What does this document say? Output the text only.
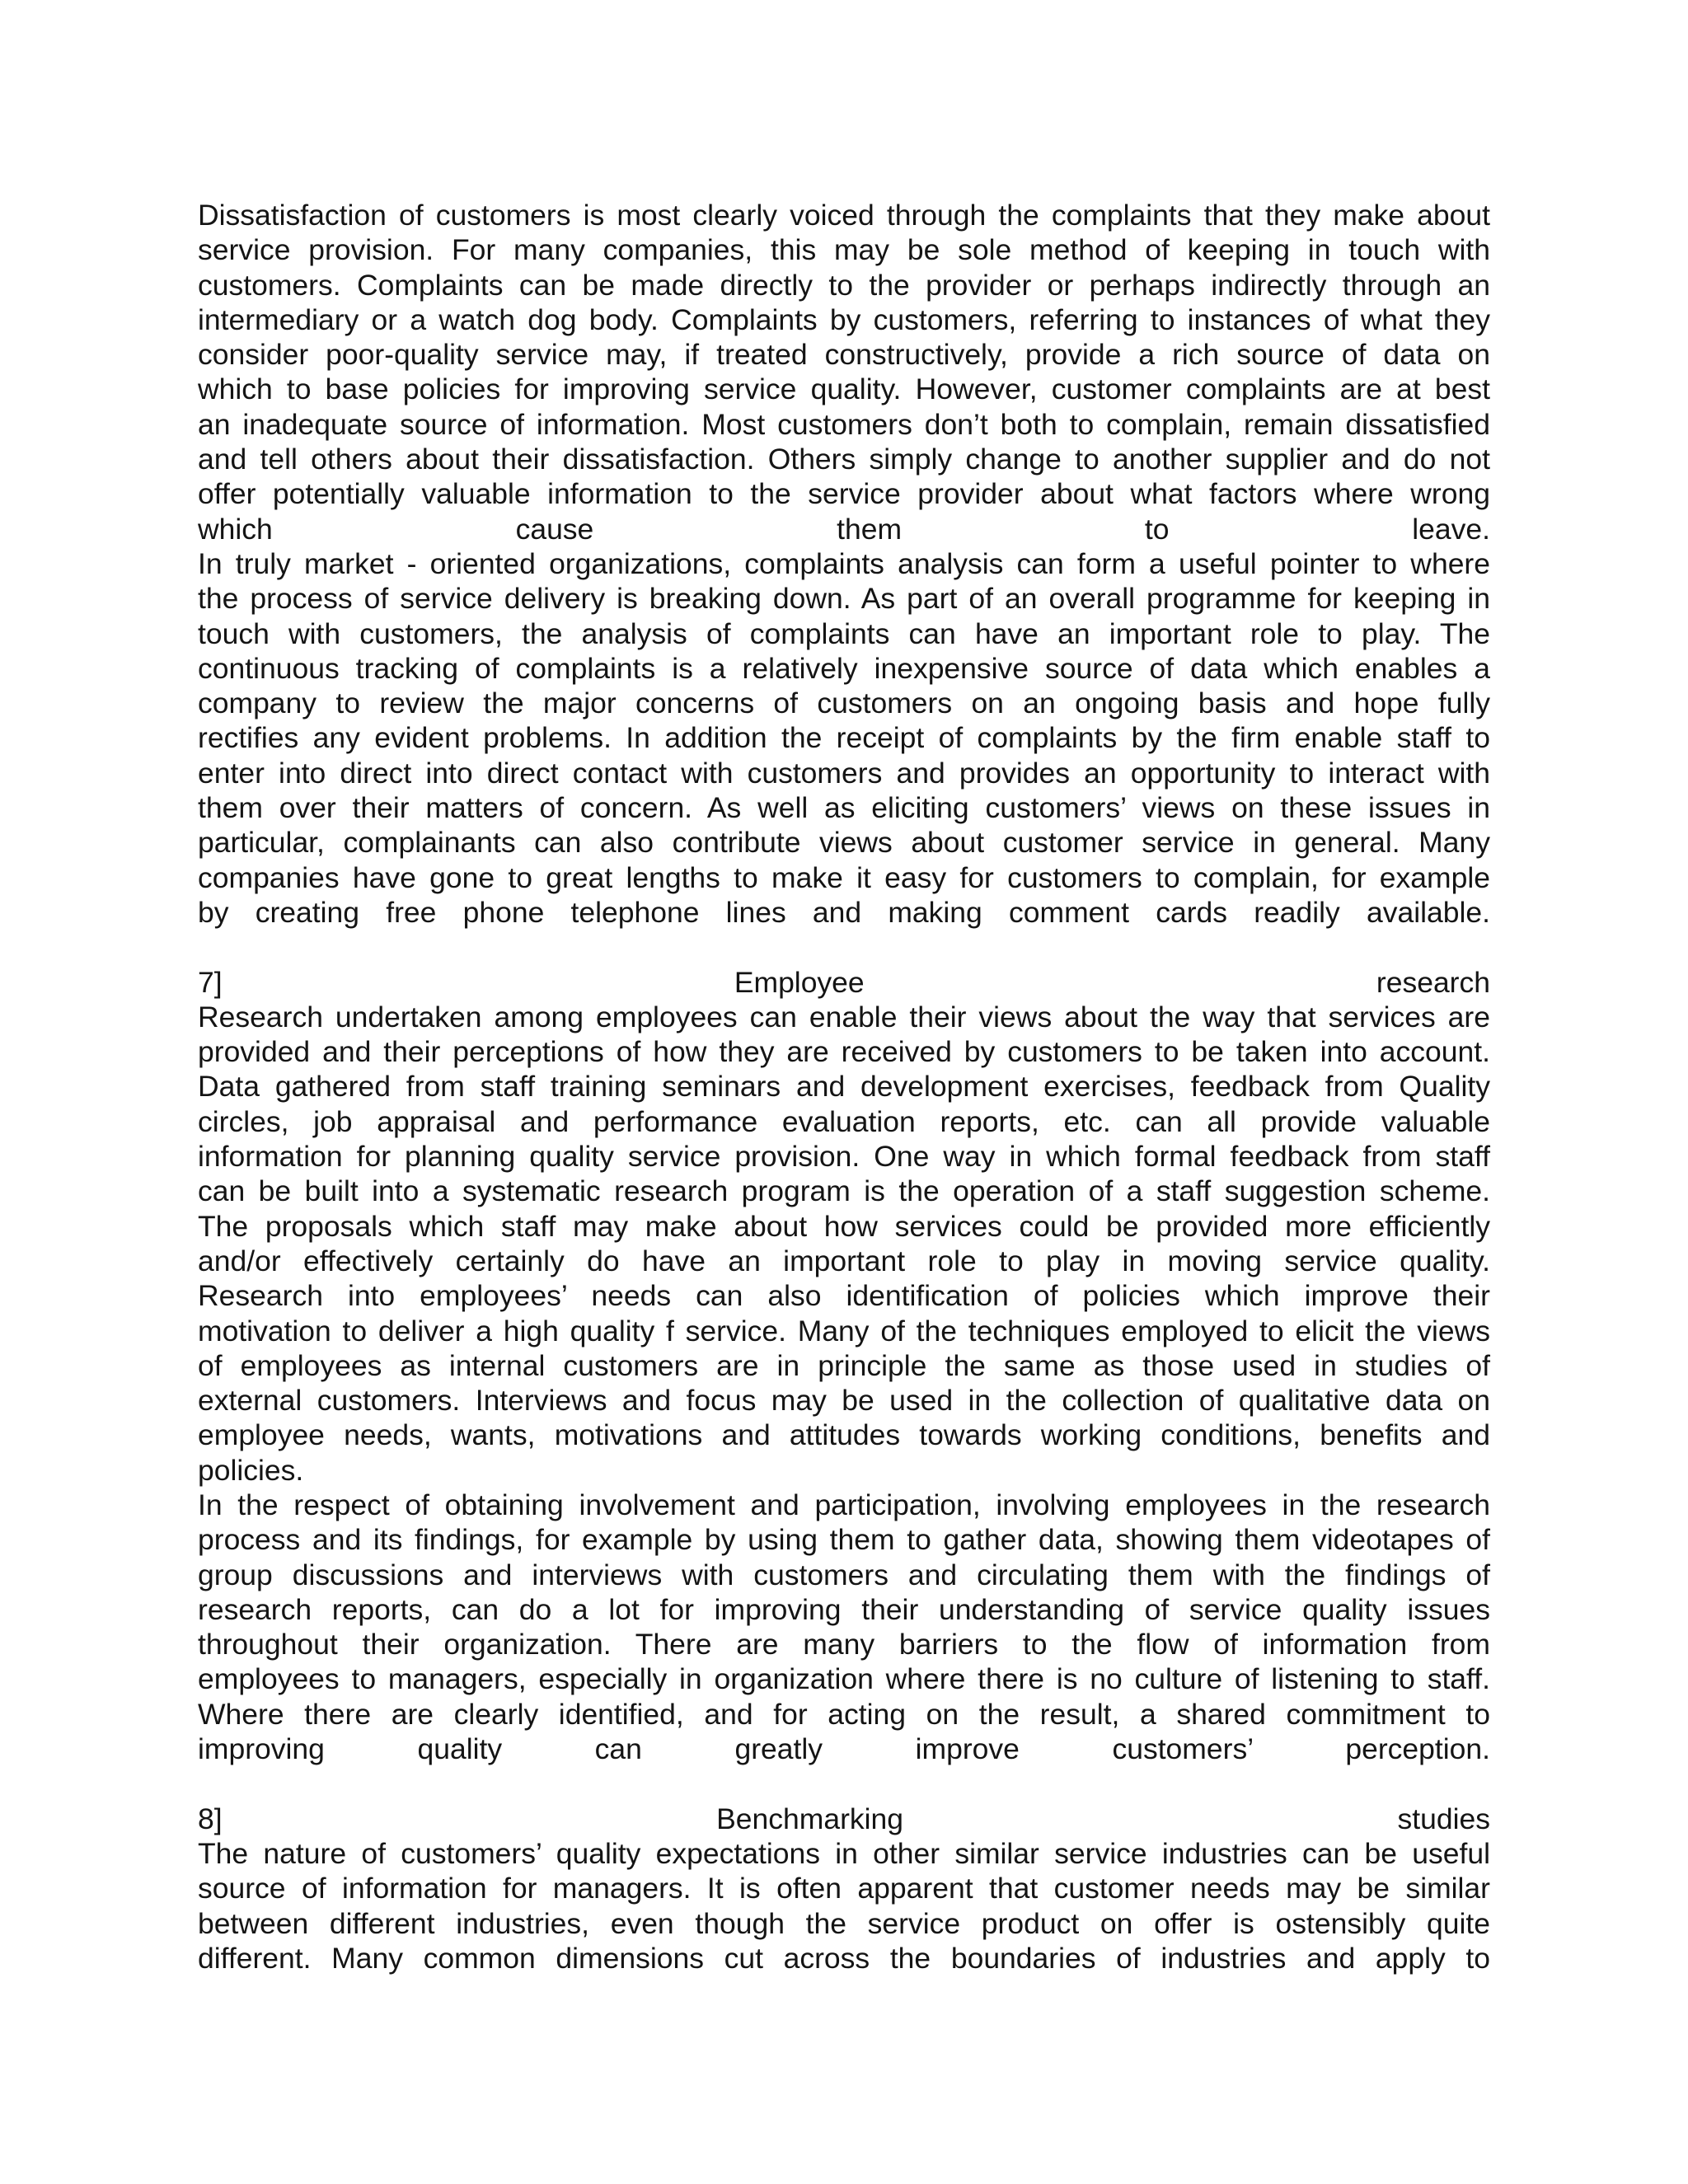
Dissatisfaction of customers is most clearly voiced through the complaints that they make about
service provision. For many companies, this may be sole method of keeping in touch with
customers. Complaints can be made directly to the provider or perhaps indirectly through an
intermediary or a watch dog body. Complaints by customers, referring to instances of what they
consider poor-quality service may, if treated constructively, provide a rich source of data on
which to base policies for improving service quality. However, customer complaints are at best
an inadequate source of information. Most customers don’t both to complain, remain dissatisfied
and tell others about their dissatisfaction. Others simply change to another supplier and do not
offer potentially valuable information to the service provider about what factors where wrong
which cause them to leave.
In truly market - oriented organizations, complaints analysis can form a useful pointer to where
the process of service delivery is breaking down. As part of an overall programme for keeping in
touch with customers, the analysis of complaints can have an important role to play. The
continuous tracking of complaints is a relatively inexpensive source of data which enables a
company to review the major concerns of customers on an ongoing basis and hope fully
rectifies any evident problems. In addition the receipt of complaints by the firm enable staff to
enter into direct into direct contact with customers and provides an opportunity to interact with
them over their matters of concern. As well as eliciting customers’ views on these issues in
particular, complainants can also contribute views about customer service in general. Many
companies have gone to great lengths to make it easy for customers to complain, for example
by creating free phone telephone lines and making comment cards readily available.
7] Employee research
Research undertaken among employees can enable their views about the way that services are
provided and their perceptions of how they are received by customers to be taken into account.
Data gathered from staff training seminars and development exercises, feedback from Quality
circles, job appraisal and performance evaluation reports, etc. can all provide valuable
information for planning quality service provision. One way in which formal feedback from staff
can be built into a systematic research program is the operation of a staff suggestion scheme.
The proposals which staff may make about how services could be provided more efficiently
and/or effectively certainly do have an important role to play in moving service quality.
Research into employees’ needs can also identification of policies which improve their
motivation to deliver a high quality f service. Many of the techniques employed to elicit the views
of employees as internal customers are in principle the same as those used in studies of
external customers. Interviews and focus may be used in the collection of qualitative data on
employee needs, wants, motivations and attitudes towards working conditions, benefits and
policies.
In the respect of obtaining involvement and participation, involving employees in the research
process and its findings, for example by using them to gather data, showing them videotapes of
group discussions and interviews with customers and circulating them with the findings of
research reports, can do a lot for improving their understanding of service quality issues
throughout their organization. There are many barriers to the flow of information from
employees to managers, especially in organization where there is no culture of listening to staff.
Where there are clearly identified, and for acting on the result, a shared commitment to
improving quality can greatly improve customers’ perception.
8] Benchmarking studies
The nature of customers’ quality expectations in other similar service industries can be useful
source of information for managers. It is often apparent that customer needs may be similar
between different industries, even though the service product on offer is ostensibly quite
different. Many common dimensions cut across the boundaries of industries and apply to
